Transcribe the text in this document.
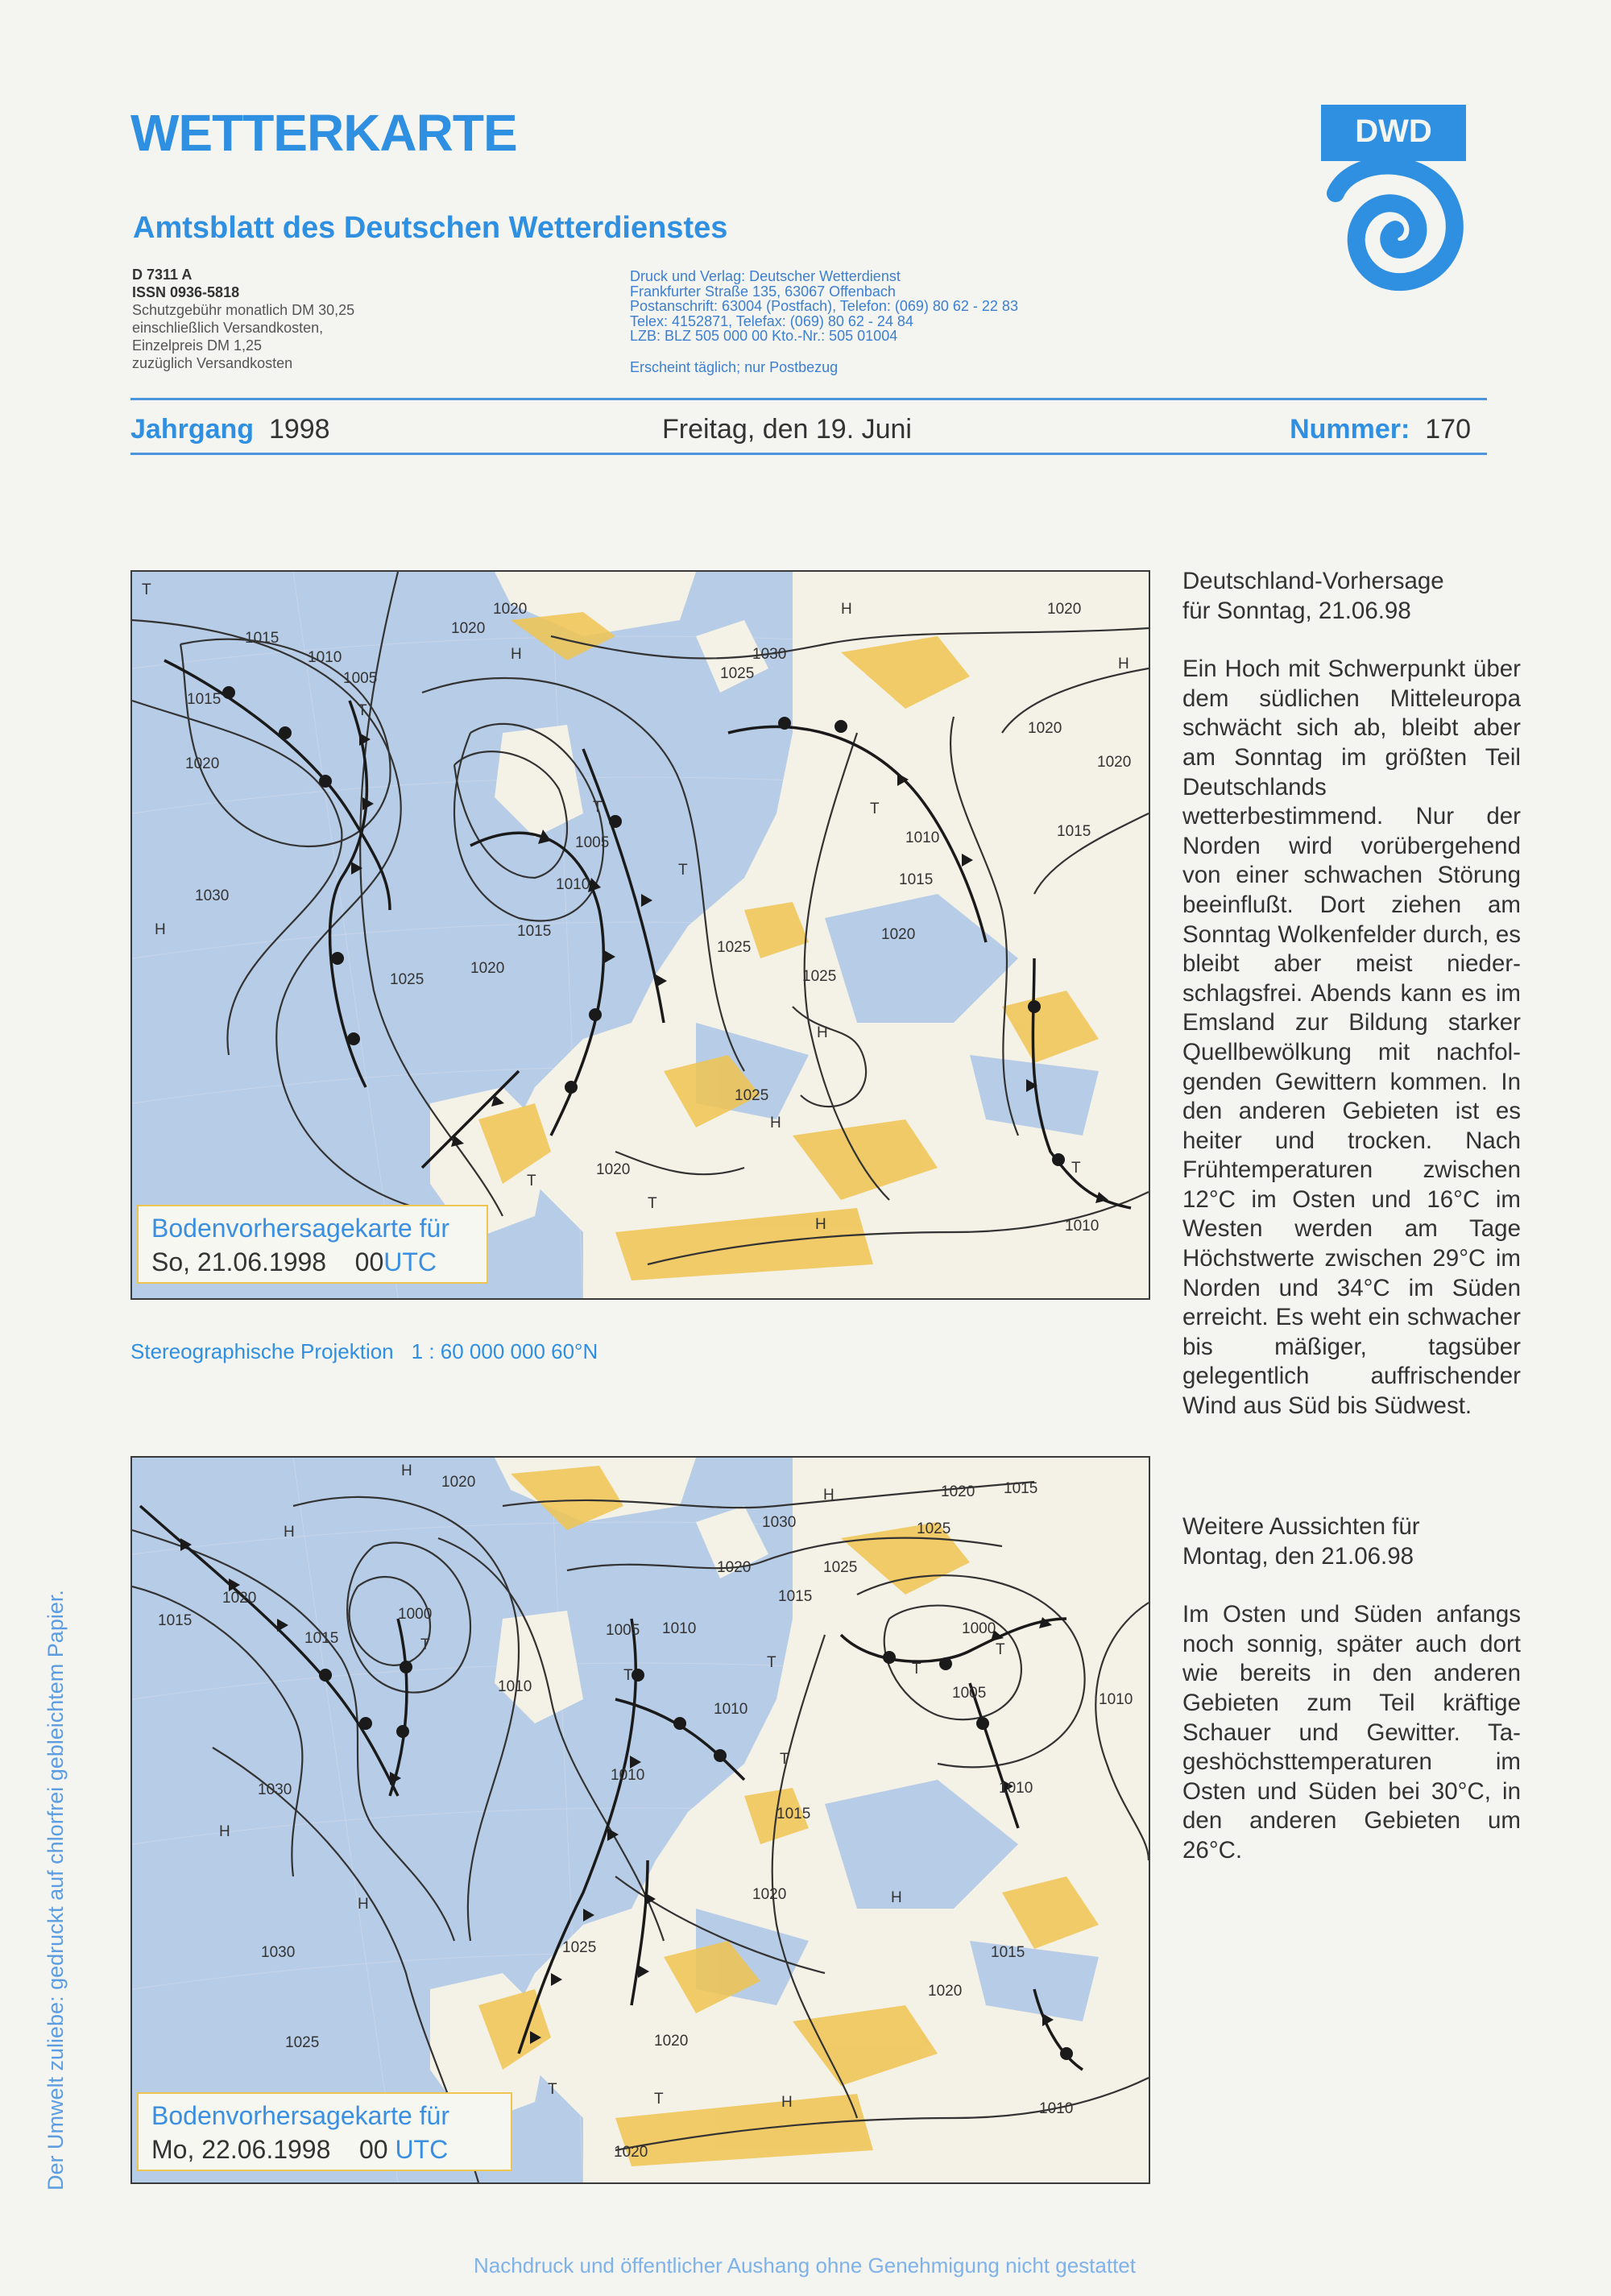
WETTERKARTE
Amtsblatt des Deutschen Wetterdienstes
D 7311 A
ISSN 0936-5818
Schutzgebühr monatlich DM 30,25
einschließlich Versandkosten,
Einzelpreis DM 1,25
zuzüglich Versandkosten
Druck und Verlag: Deutscher Wetterdienst
Frankfurter Straße 135, 63067 Offenbach
Postanschrift: 63004 (Postfach), Telefon: (069) 80 62 - 22 83
Telex: 4152871, Telefax: (069) 80 62 - 24 84
LZB: BLZ 505 000 00 Kto.-Nr.: 505 01004
Erscheint täglich; nur Postbezug
DWD
Jahrgang 1998	Freitag, den 19. Juni	Nummer: 170
T
1015
1010
1005
1015
1020
T
1020
1020
H
1030
1025
H
1020
1030
H
1025
1020
T
1005
1010
1015
1025
1020
T
1010
1015
1020
H
T
1020
1015
1025
H
1025
H
T
1020
H
T
1010
T
Bodenvorhersagekarte für
So, 21.06.1998 00UTC
Stereographische Projektion 1 : 60 000 000 60°N
H
1020
H
1030
H	1020 1015
1025
1020
1015
1020
1000
T
1015
1010
1005 1010
T
1010
1025
1030
H
1015
1000
T
1005
T
1010
1010
T
1015
H
1010
T
1020
1025
H
1030	1015
1020
1025	1020
T
T	H	1010
1020
Bodenvorhersagekarte für
Mo, 22.06.1998 00 UTC
Deutschland-Vorhersage
für Sonntag, 21.06.98

Ein Hoch mit Schwerpunkt über dem südlichen Mitteleuropa schwächt sich ab, bleibt aber am Sonntag im größten Teil Deutschlands wetterbestimmend. Nur der Norden wird vorübergehend von einer schwachen Störung beeinflußt. Dort ziehen am Sonntag Wolkenfelder durch, es bleibt aber meist niederschlagsfrei. Abends kann es im Emsland zur Bildung starker Quellbewölkung mit nachfolgenden Gewittern kommen. In den anderen Gebieten ist es heiter und trocken. Nach Frühtemperaturen zwischen 12°C im Osten und 16°C im Westen werden am Tage Höchstwerte zwischen 29°C im Norden und 34°C im Süden erreicht. Es weht ein schwacher bis mäßiger, tagsüber gelegentlich auffrischender Wind aus Süd bis Südwest.

Weitere Aussichten für
Montag, den 21.06.98

Im Osten und Süden anfangs noch sonnig, später auch dort wie bereits in den anderen Gebieten zum Teil kräftige Schauer und Gewitter. Tageshöchsttemperaturen im Osten und Süden bei 30°C, in den anderen Gebieten um 26°C.

Der Umwelt zuliebe: gedruckt auf chlorfrei gebleichtem Papier.
Nachdruck und öffentlicher Aushang ohne Genehmigung nicht gestattet
